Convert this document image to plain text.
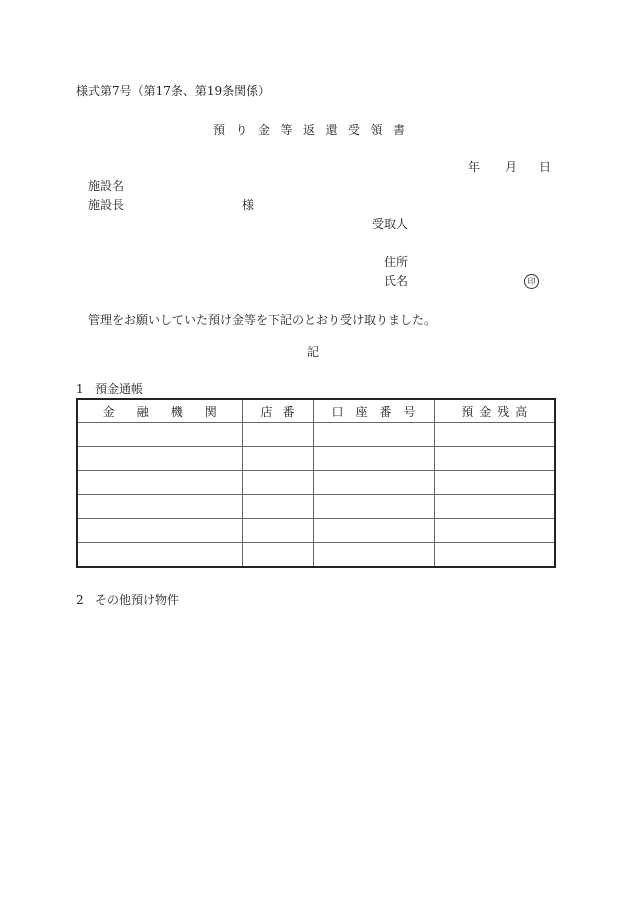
様式第7号（第17条、第19条関係）
預り金等返還受領書
年 月 日
施設名
施設長	様
受取人
住所
氏名	印
管理をお願いしていた預け金等を下記のとおり受け取りました。
記
1 預金通帳
金融機関	店番	口座番号	預金残高

2 その他預け物件
